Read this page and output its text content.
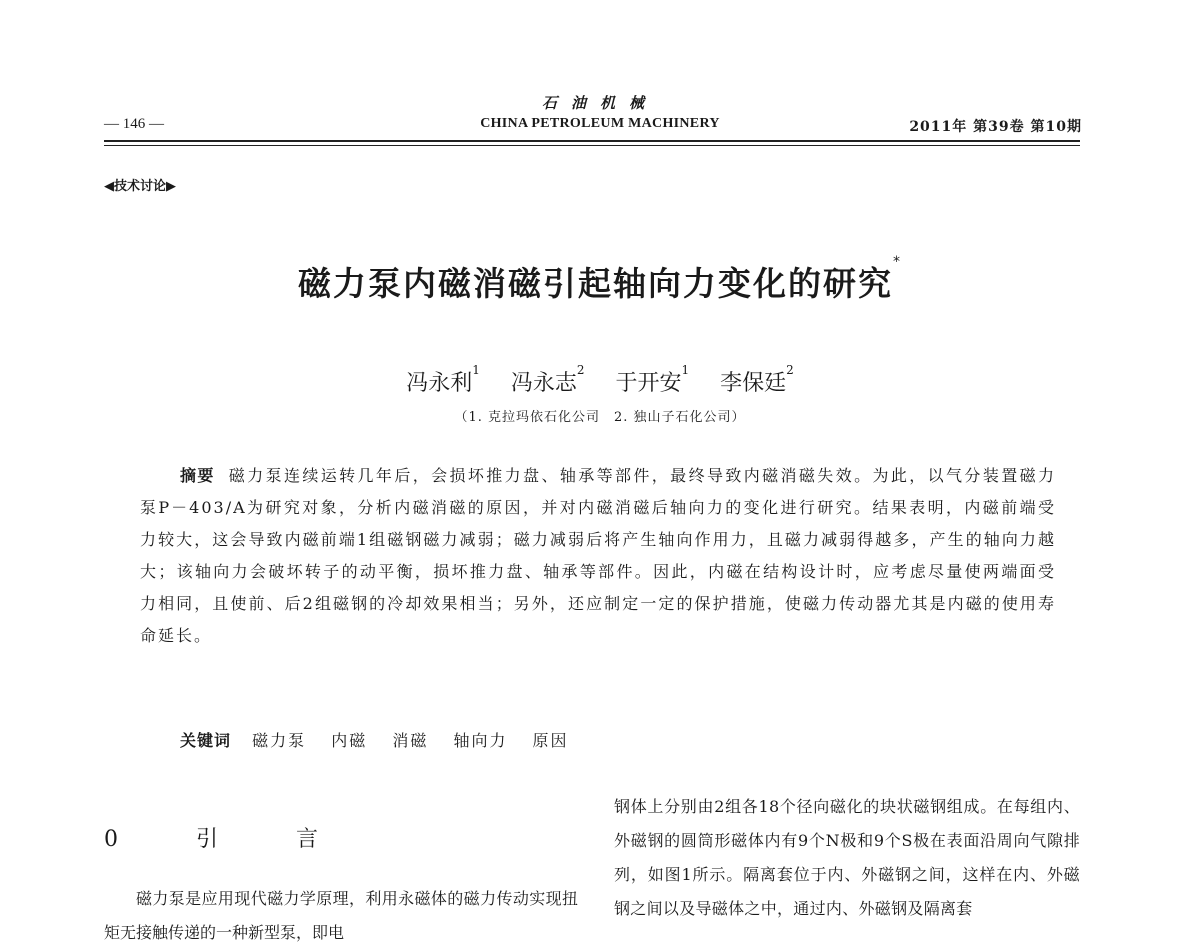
石油机械
CHINA PETROLEUM MACHINERY
— 146 —	2011年 第39卷 第10期
◀技术讨论▶
磁力泵内磁消磁引起轴向力变化的研究*
冯永利$^1$ 冯永志$^2$ 于开安$^1$ 李保廷$^2$
（1. 克拉玛依石化公司　2. 独山子石化公司）
摘要 磁力泵连续运转几年后，会损坏推力盘、轴承等部件，最终导致内磁消磁失效。为此，以气分装置磁力泵P－403/A为研究对象，分析内磁消磁的原因，并对内磁消磁后轴向力的变化进行研究。结果表明，内磁前端受力较大，这会导致内磁前端1组磁钢磁力减弱；磁力减弱后将产生轴向作用力，且磁力减弱得越多，产生的轴向力越大；该轴向力会破坏转子的动平衡，损坏推力盘、轴承等部件。因此，内磁在结构设计时，应考虑尽量使两端面受力相同，且使前、后2组磁钢的冷却效果相当；另外，还应制定一定的保护措施，使磁力传动器尤其是内磁的使用寿命延长。
关键词 磁力泵 内磁 消磁 轴向力 原因
0　引　言

磁力泵是应用现代磁力学原理，利用永磁体的磁力传动实现扭矩无接触传递的一种新型泵，即电

钢体上分别由2组各18个径向磁化的块状磁钢组成。在每组内、外磁钢的圆筒形磁体内有9个N极和9个S极在表面沿周向气隙排列，如图1所示。隔离套位于内、外磁钢之间，这样在内、外磁钢之间以及导磁体之中，通过内、外磁钢及隔离套
